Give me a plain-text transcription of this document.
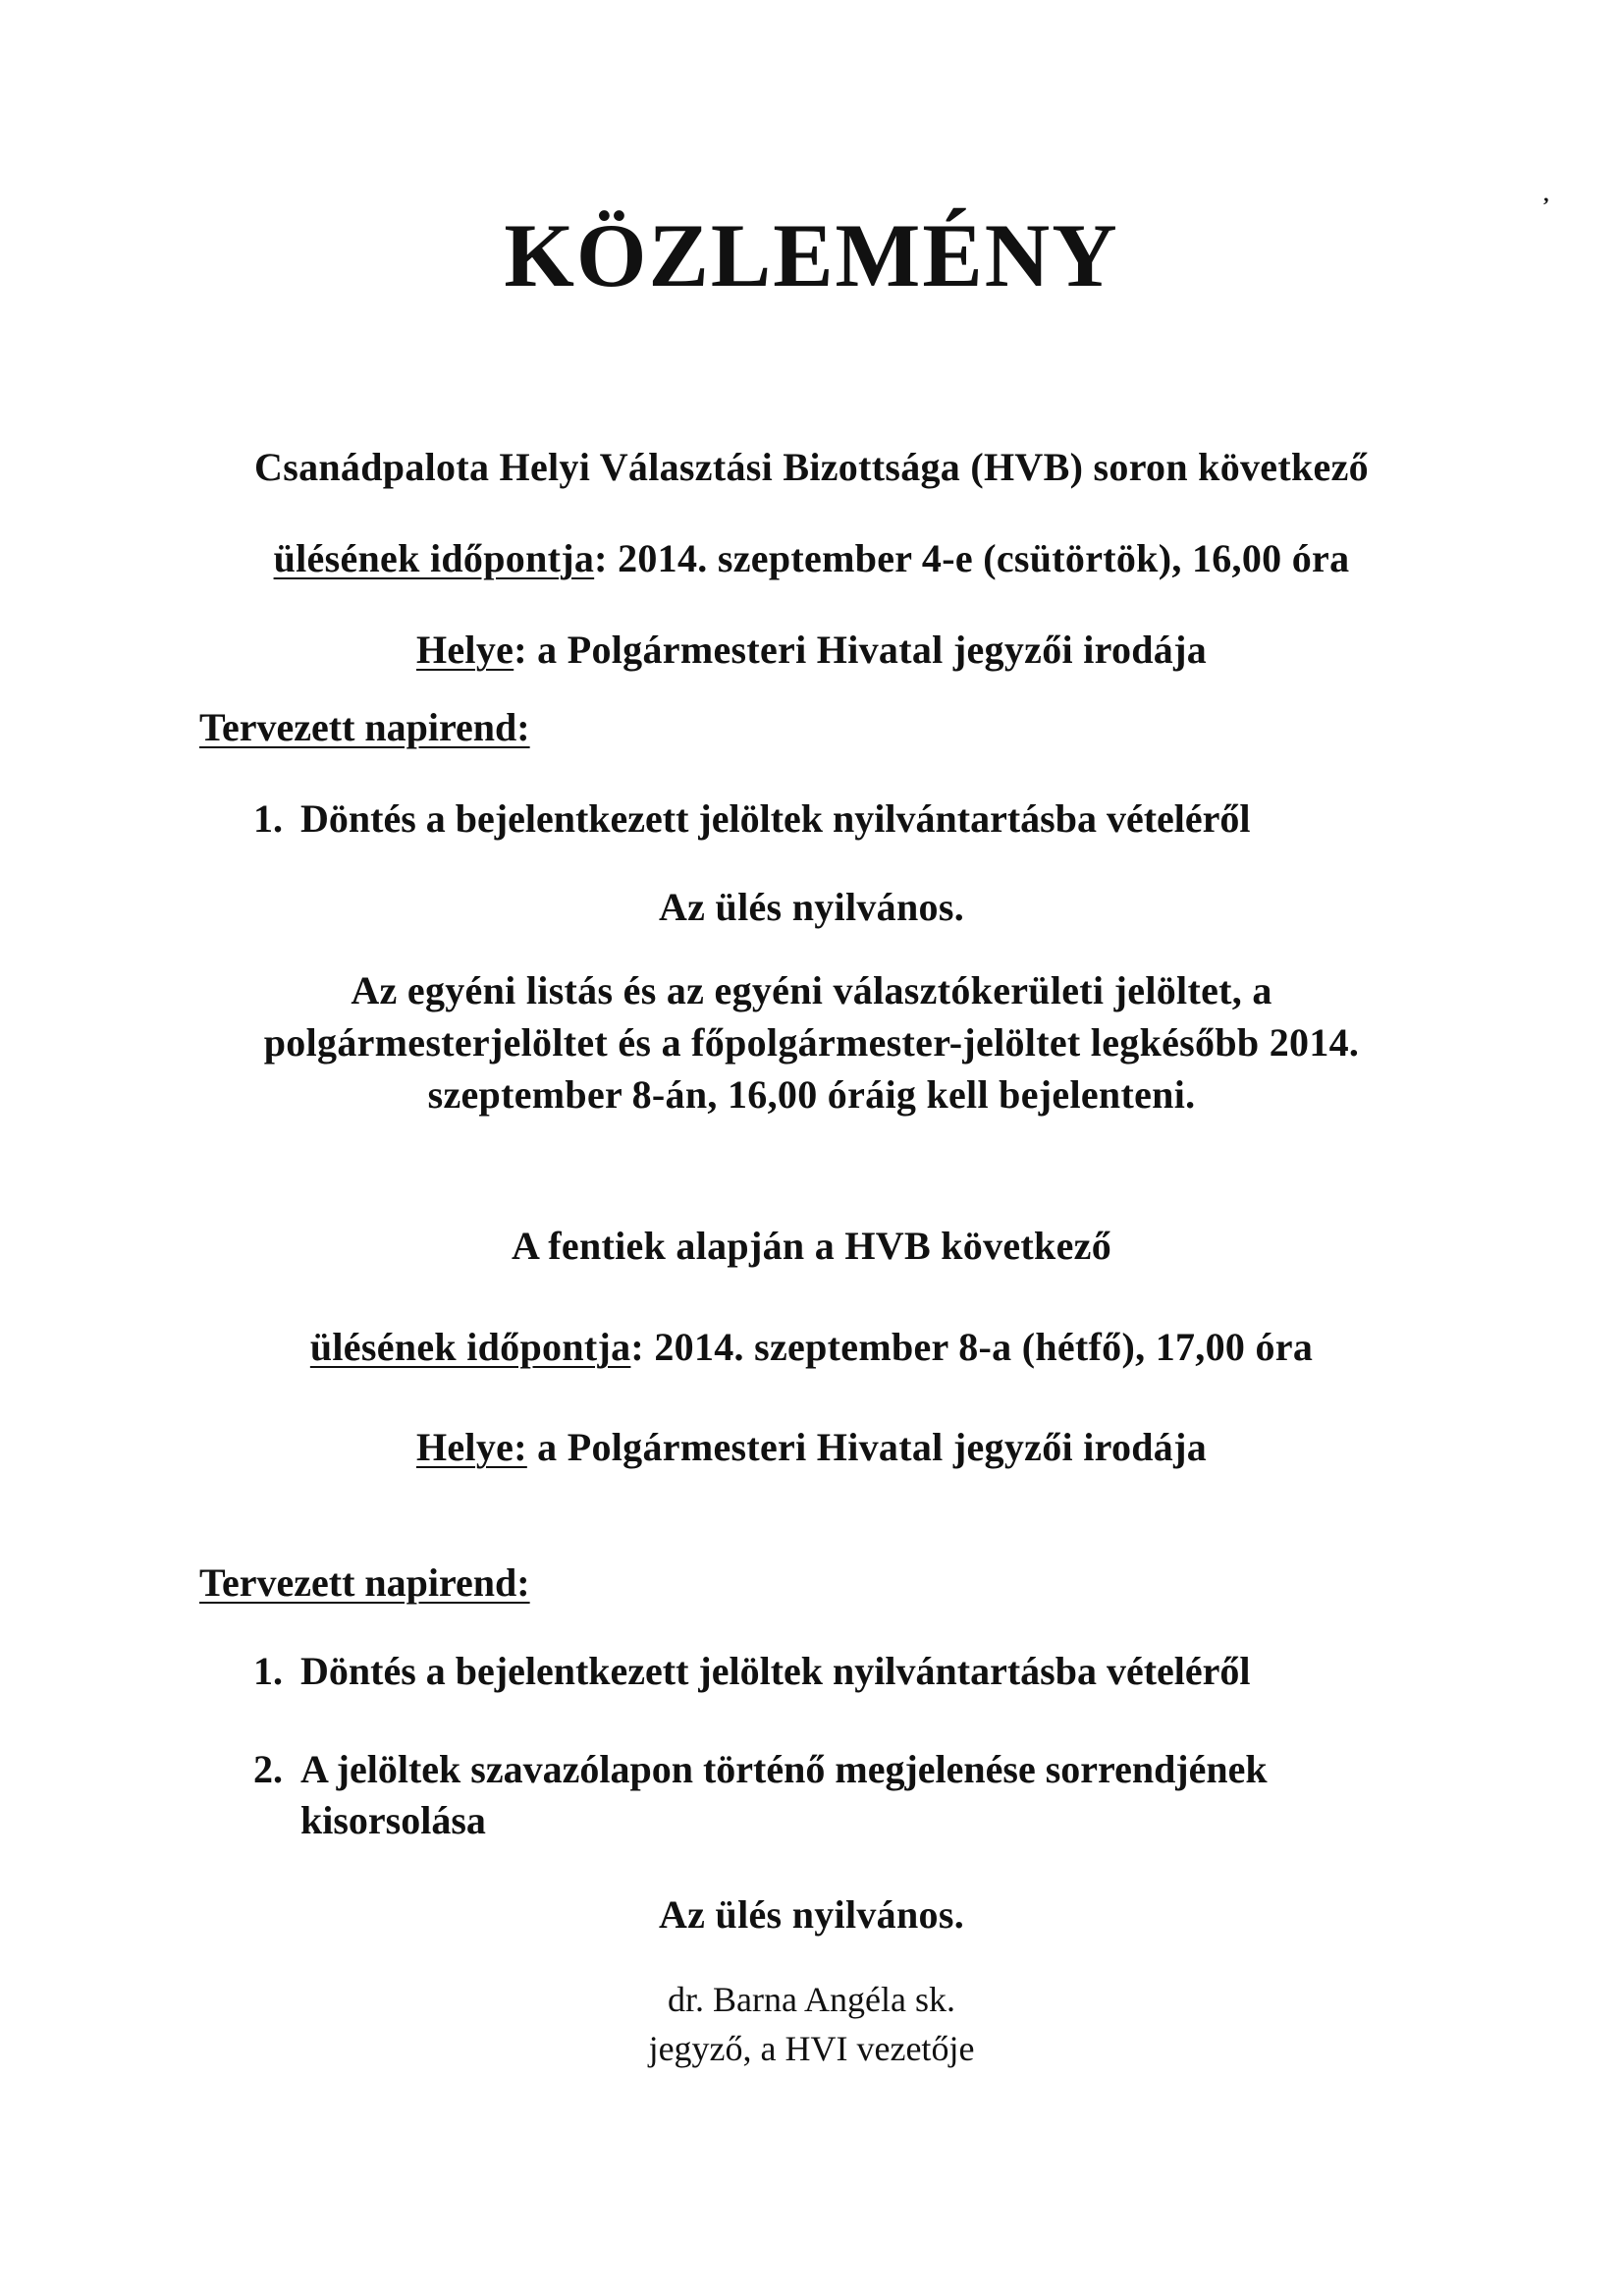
,
KÖZLEMÉNY
Csanádpalota Helyi Választási Bizottsága (HVB) soron következő
ülésének időpontja: 2014. szeptember 4-e (csütörtök), 16,00 óra
Helye: a Polgármesteri Hivatal jegyzői irodája
Tervezett napirend:
1. Döntés a bejelentkezett jelöltek nyilvántartásba vételéről
Az ülés nyilvános.
Az egyéni listás és az egyéni választókerületi jelöltet, a
polgármesterjelöltet és a főpolgármester-jelöltet legkésőbb 2014.
szeptember 8-án, 16,00 óráig kell bejelenteni.
A fentiek alapján a HVB következő
ülésének időpontja: 2014. szeptember 8-a (hétfő), 17,00 óra
Helye: a Polgármesteri Hivatal jegyzői irodája
Tervezett napirend:
1. Döntés a bejelentkezett jelöltek nyilvántartásba vételéről
2. A jelöltek szavazólapon történő megjelenése sorrendjének
kisorsolása
Az ülés nyilvános.
dr. Barna Angéla sk.
jegyző, a HVI vezetője
